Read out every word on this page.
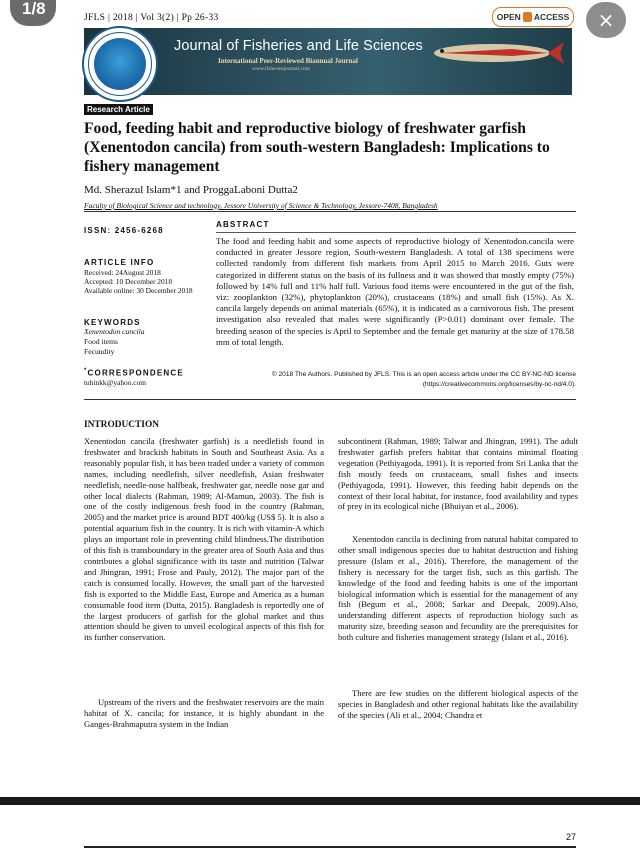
JFLS | 2018 | Vol 3(2) | Pp 26-33	OPEN ACCESS
Journal of Fisheries and Life Sciences
International Peer-Reviewed Biannual Journal
www.fisheriesjournal.com
Research Article
Food, feeding habit and reproductive biology of freshwater garfish (Xenentodon cancila) from south-western Bangladesh: Implications to fishery management
Md. Sherazul Islam*1 and ProggaLaboni Dutta2
Faculty of Biological Science and technology, Jessore University of Science & Technology, Jessore-7408, Bangladesh
ISSN: 2456-6268
ABSTRACT
The food and feeding habit and some aspects of reproductive biology of Xenentodon.cancila were conducted in greater Jessore region, South-western Bangladesh. A total of 138 specimens were collected randomly from different fish markets from April 2015 to March 2016. Guts were categorized in different status on the basis of its fullness and it was showed that mostly empty (75%) followed by 14% full and 11% half full. Various food items were encountered in the gut of the fish, viz: zooplankton (32%), phytoplankton (20%), crustaceans (18%) and small fish (15%). As X. cancila largely depends on animal materials (65%), it is indicated as a carnivorous fish. The present investigation also revealed that males were significantly (P>0.01) dominant over female. The breeding season of the species is April to September and the female get maturity at the size of 178.58 mm of total length.
ARTICLE INFO
Received: 24August 2018
Accepted: 10 December 2018
Available online: 30 December 2018
KEYWORDS
Xenentodon cancila
Food items
Fecundity
*CORRESPONDENCE
tuhinkk@yahoo.com
© 2018 The Authors. Published by JFLS. This is an open access article under the CC BY-NC-ND license (https://creativecommons.org/licenses/by-nc-nd/4.0).
INTRODUCTION

Xenentodon cancila (freshwater garfish) is a needlefish found in freshwater and brackish habitats in South and Southeast Asia. As a reasonably popular fish, it has been traded under a variety of common names, including needlefish, silver needlefish, Asian freshwater needlefish, needle-nose halfbeak, freshwater gar, needle nose gar and other local dialects (Rahman, 1989; Al-Mamun, 2003). The fish is one of the costly indigenous fresh food in the country (Rahman, 2005) and the market price is around BDT 400/kg (US$ 5). It is also a potential aquarium fish in the country. It is rich with vitamin-A which plays an important role in preventing child blindness.The distribution of this fish is transboundary in the greater area of South Asia and thus contributes a global significance with its taste and nutrition (Talwar and Jhingran, 1991; Frose and Pauly, 2012). The major part of the catch is consumed locally. However, the small part of the harvested fish is exported to the Middle East, Europe and America as a human consumable food item (Dutta, 2015). Bangladesh is reportedly one of the largest producers of garfish for the global market and thus attention should be given to unveil ecological aspects of this fish for its further conservation.

Upstream of the rivers and the freshwater reservoirs are the main habitat of X. cancila; for instance, it is highly abundant in the Ganges-Brahmaputra system in the Indian

subcontinent (Rahman, 1989; Talwar and Jhingran, 1991). The adult freshwater garfish prefers habitat that contains minimal floating vegetation (Pethiyagoda, 1991). It is reported from Sri Lanka that the fish mostly feeds on crustaceans, small fishes and insects (Pethiyagoda, 1991). However, this feeding habit depends on the context of their local habitat, for instance, food availability and types of prey in its ecological niche (Bhuiyan et al., 2006).

Xenentodon cancila is declining from natural habitat compared to other small indigenous species due to habitat destruction and fishing pressure (Islam et al., 2016). Therefore, the management of the fishery is necessary for the target fish, such as this garfish. The knowledge of the food and feeding habits is one of the important biological information which is essential for the management of any fish (Begum et al., 2008; Sarkar and Deepak, 2009).Also, understanding different aspects of reproduction biology such as maturity size, breeding season and fecundity are the prerequisites for both culture and fisheries management strategy (Islam et al., 2016).

There are few studies on the different biological aspects of the species in Bangladesh and other regional habitats like the availability of the species (Ali et al., 2004; Chandra et

27
1/8	×
